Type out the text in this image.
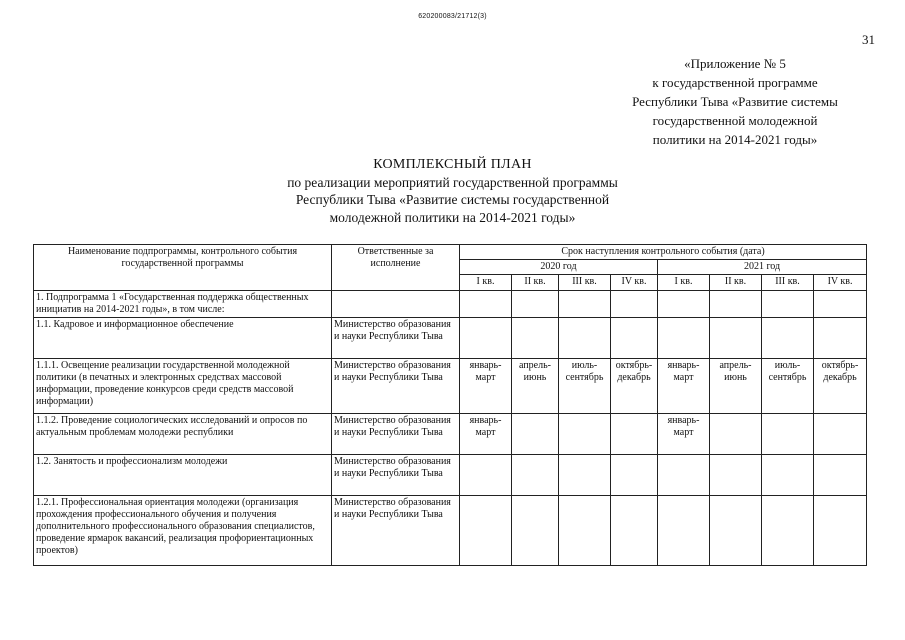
620200083/21712(3)
31
«Приложение № 5
к государственной программе
Республики Тыва «Развитие системы
государственной молодежной
политики на 2014-2021 годы»
КОМПЛЕКСНЫЙ ПЛАН
по реализации мероприятий государственной программы
Республики Тыва «Развитие системы государственной
молодежной политики на 2014-2021 годы»
Наименование подпрограммы, контрольного события государственной программы	Ответственные за исполнение	Срок наступления контрольного события (дата)							
		2020 год				2021 год			
		I кв.	II кв.	III кв.	IV кв.	I кв.	II кв.	III кв.	IV кв.
1. Подпрограмма 1 «Государственная поддержка общественных инициатив на 2014-2021 годы», в том числе:									
1.1. Кадровое и информационное обеспечение	Министерство образования и науки Республики Тыва								
1.1.1. Освещение реализации государственной молодежной политики (в печатных и электронных средствах массовой информации, проведение конкурсов среди средств массовой информации)	Министерство образования и науки Республики Тыва	январь-март	апрель-июнь	июль-сентябрь	октябрь-декабрь	январь-март	апрель-июнь	июль-сентябрь	октябрь-декабрь
1.1.2. Проведение социологических исследований и опросов по актуальным проблемам молодежи республики	Министерство образования и науки Республики Тыва	январь-март				январь-март			
1.2. Занятость и профессионализм молодежи	Министерство образования и науки Республики Тыва								
1.2.1. Профессиональная ориентация молодежи (организация прохождения профессионального обучения и получения дополнительного профессионального образования специалистов, проведение ярмарок вакансий, реализация профориентационных проектов)	Министерство образования и науки Республики Тыва								
